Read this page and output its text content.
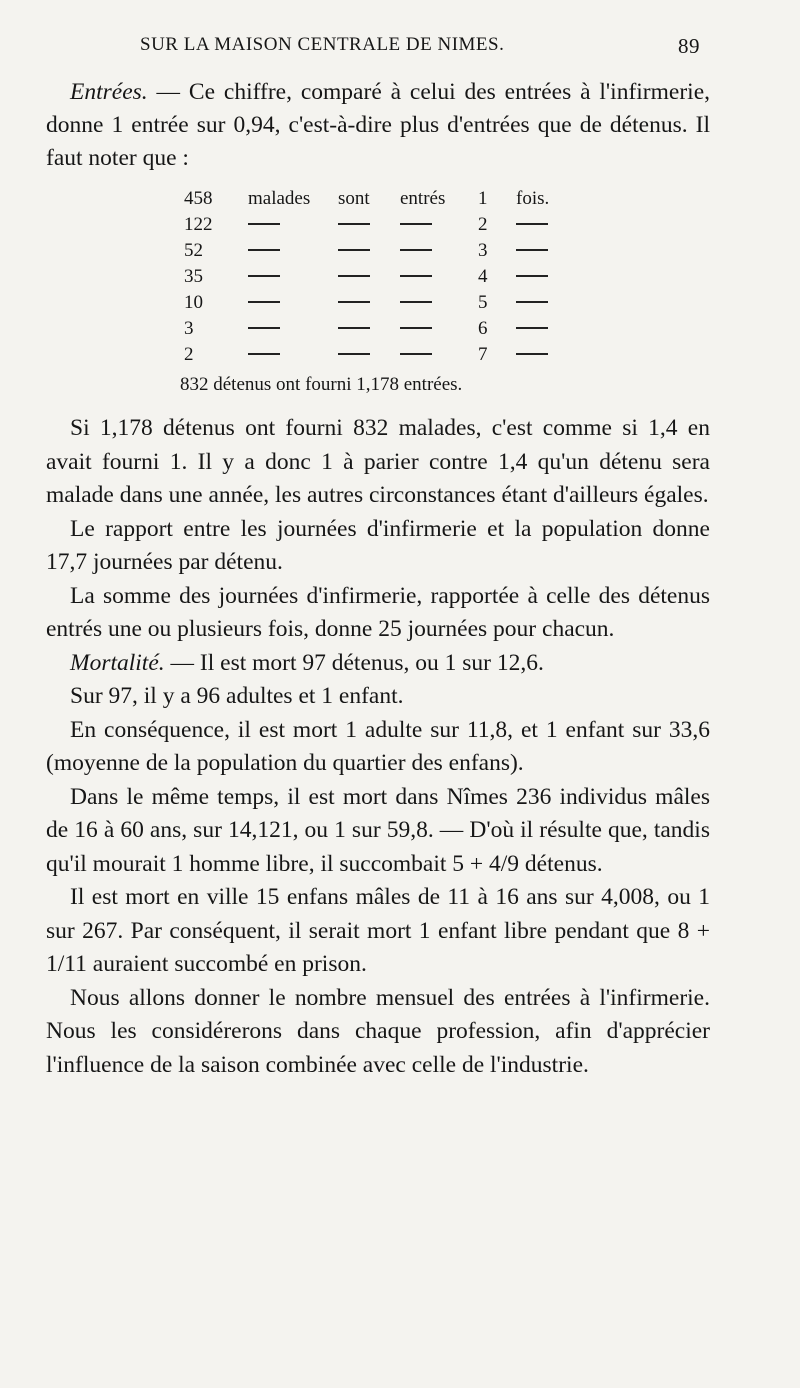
SUR LA MAISON CENTRALE DE NIMES.	89

Entrées. — Ce chiffre, comparé à celui des entrées à l'infirmerie, donne 1 entrée sur 0,94, c'est-à-dire plus d'entrées que de détenus. Il faut noter que :

458	malades sont entrés 1 fois.
122	2
52	3
35	4
10	5
3	6
2	7
832 détenus ont fourni 1,178 entrées.

Si 1,178 détenus ont fourni 832 malades, c'est comme si 1,4 en avait fourni 1. Il y a donc 1 à parier contre 1,4 qu'un détenu sera malade dans une année, les autres circonstances étant d'ailleurs égales.

Le rapport entre les journées d'infirmerie et la population donne 17,7 journées par détenu.

La somme des journées d'infirmerie, rapportée à celle des détenus entrés une ou plusieurs fois, donne 25 journées pour chacun.

Mortalité. — Il est mort 97 détenus, ou 1 sur 12,6.

Sur 97, il y a 96 adultes et 1 enfant.

En conséquence, il est mort 1 adulte sur 11,8, et 1 enfant sur 33,6 (moyenne de la population du quartier des enfans).

Dans le même temps, il est mort dans Nîmes 236 individus mâles de 16 à 60 ans, sur 14,121, ou 1 sur 59,8. — D'où il résulte que, tandis qu'il mourait 1 homme libre, il succombait 5 + 4/9 détenus.

Il est mort en ville 15 enfans mâles de 11 à 16 ans sur 4,008, ou 1 sur 267. Par conséquent, il serait mort 1 enfant libre pendant que 8 + 1/11 auraient succombé en prison.

Nous allons donner le nombre mensuel des entrées à l'infirmerie. Nous les considérerons dans chaque profession, afin d'apprécier l'influence de la saison combinée avec celle de l'industrie.
